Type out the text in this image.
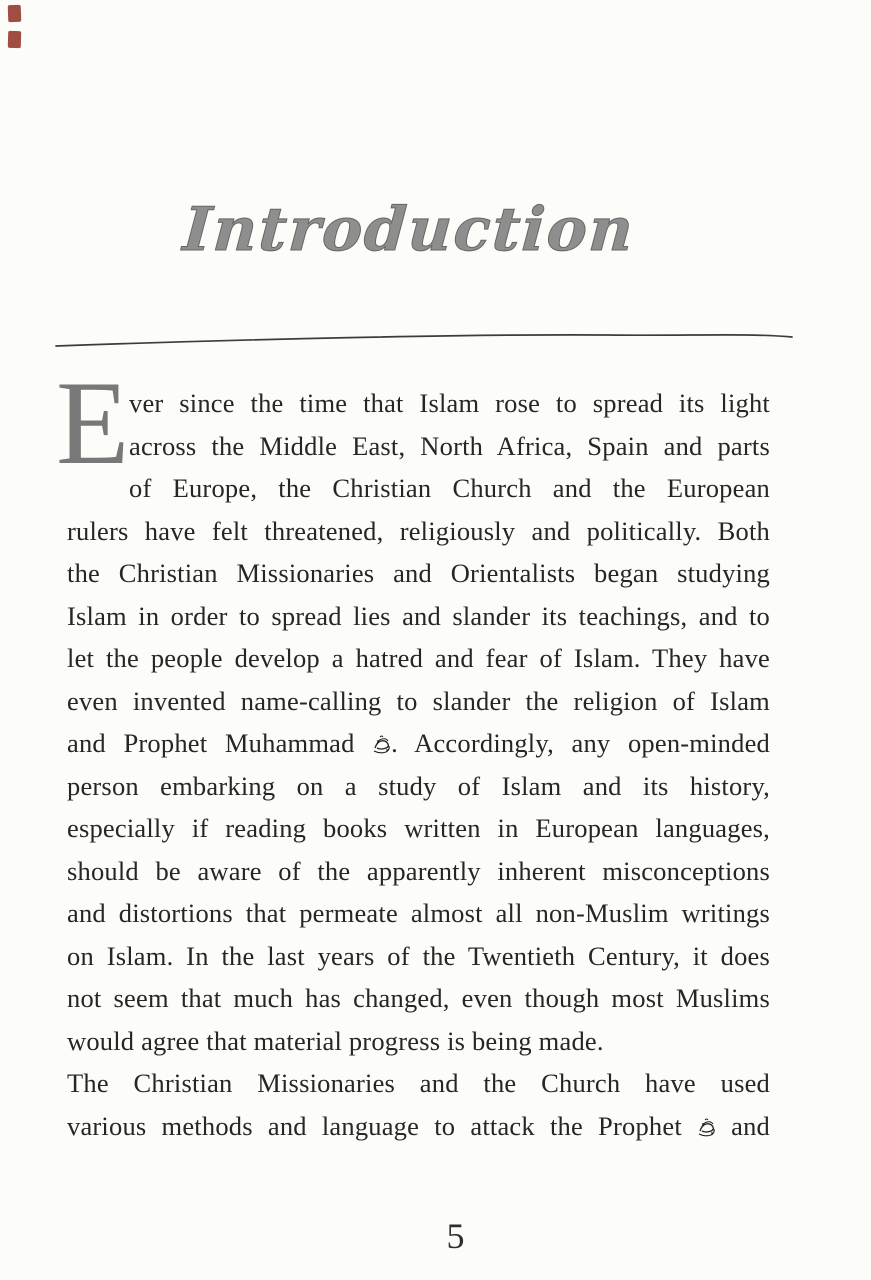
Introduction
E ver since the time that Islam rose to spread its light
across the Middle East, North Africa, Spain and parts
of Europe, the Christian Church and the European
rulers have felt threatened, religiously and politically. Both
the Christian Missionaries and Orientalists began studying
Islam in order to spread lies and slander its teachings, and to
let the people develop a hatred and fear of Islam. They have
even invented name-calling to slander the religion of Islam
and Prophet Muhammad
. Accordingly, any open-minded
person embarking on a study of Islam and its history,
especially if reading books written in European languages,
should be aware of the apparently inherent misconceptions
and distortions that permeate almost all non-Muslim writings
on Islam. In the last years of the Twentieth Century, it does
not seem that much has changed, even though most Muslims
would agree that material progress is being made.
The Christian Missionaries and the Church have used
various methods and language to attack the Prophet
and
5
